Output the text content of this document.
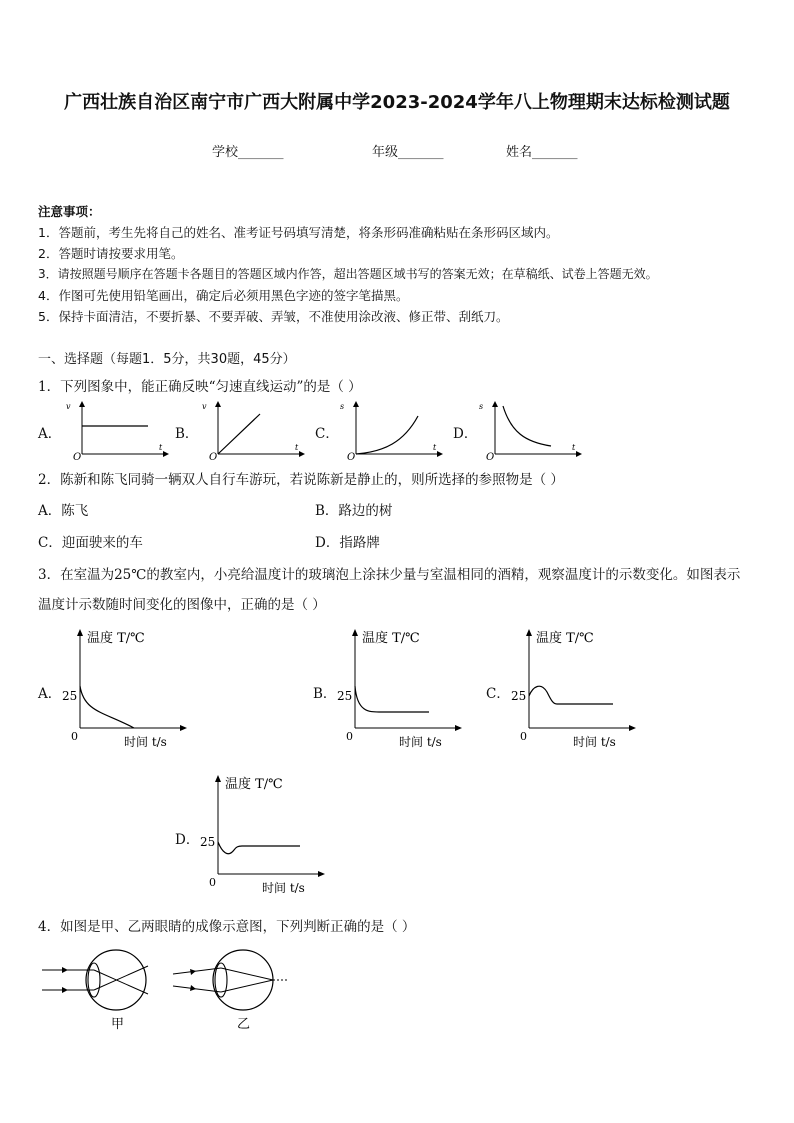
广西壮族自治区南宁市广西大附属中学2023-2024学年八上物理期末达标检测试题
学校_______	年级_______	姓名_______
注意事项：
1．答题前，考生先将自己的姓名、准考证号码填写清楚，将条形码准确粘贴在条形码区域内。
2．答题时请按要求用笔。
3．请按照题号顺序在答题卡各题目的答题区域内作答，超出答题区域书写的答案无效；在草稿纸、试卷上答题无效。
4．作图可先使用铅笔画出，确定后必须用黑色字迹的签字笔描黑。
5．保持卡面清洁，不要折暴、不要弄破、弄皱，不准使用涂改液、修正带、刮纸刀。
一、选择题（每题1．5分，共30题，45分）
1．下列图象中，能正确反映“匀速直线运动”的是（ ）
A．	B．	C．	D．
v
t
O
v
t
O
s
t
O
s
t
O
2．陈新和陈飞同骑一辆双人自行车游玩，若说陈新是静止的，则所选择的参照物是（ ）
A．陈飞	B．路边的树
C．迎面驶来的车	D．指路牌
3．在室温为25℃的教室内，小亮给温度计的玻璃泡上涂抹少量与室温相同的酒精，观察温度计的示数变化。如图表示
温度计示数随时间变化的图像中，正确的是（ ）
A．	B．	C．
D．
温度 T/℃
25
0	时间 t/s
温度 T/℃
25
0	时间 t/s
温度 T/℃
25
0	时间 t/s
温度 T/℃
25
0	时间 t/s
4．如图是甲、乙两眼睛的成像示意图，下列判断正确的是（ ）
甲	乙
